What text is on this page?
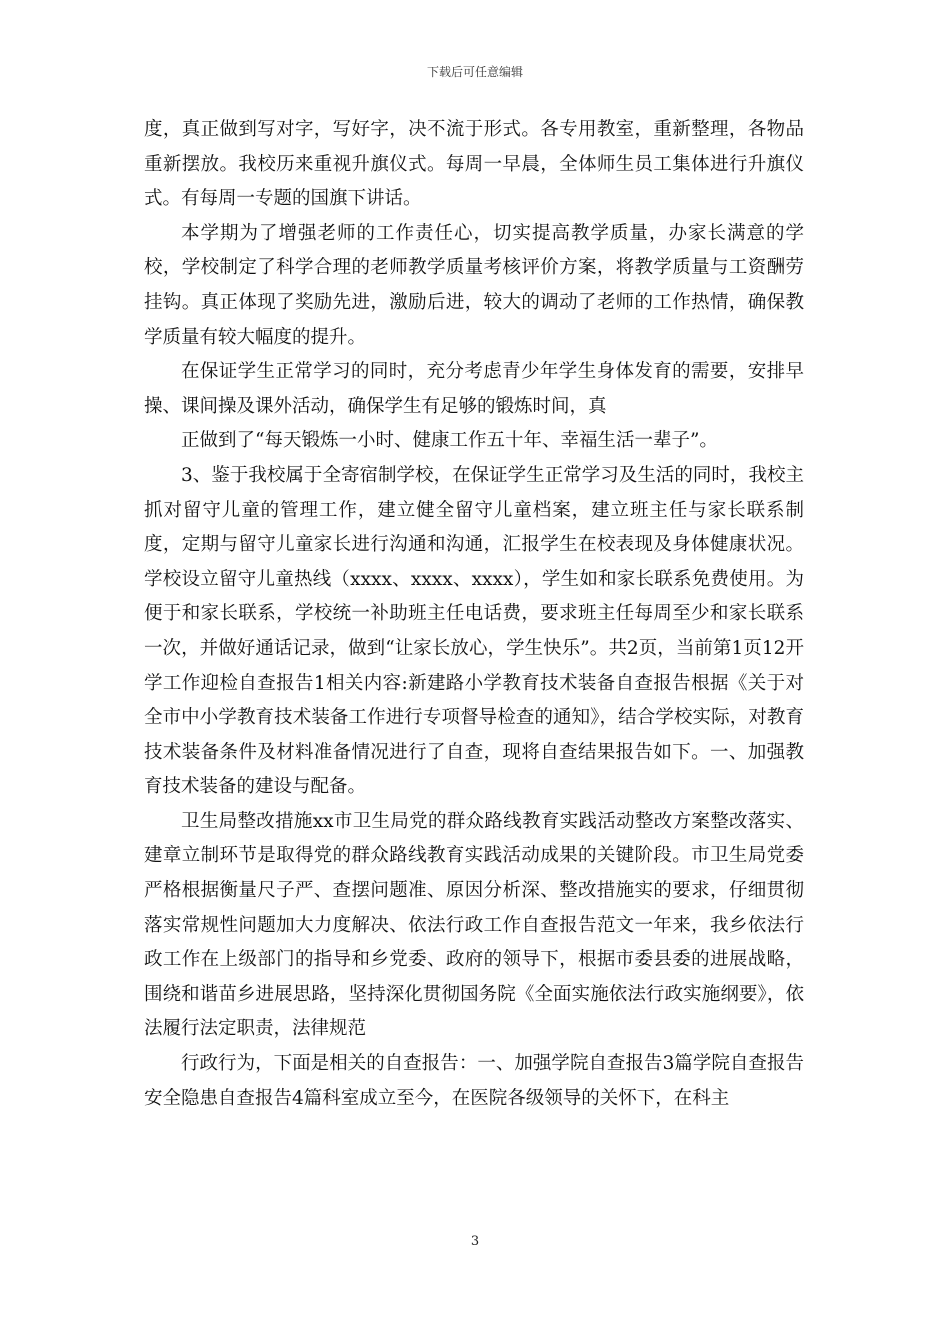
下载后可任意编辑

度，真正做到写对字，写好字，决不流于形式。各专用教室，重新整理，各物品重新摆放。我校历来重视升旗仪式。每周一早晨，全体师生员工集体进行升旗仪式。有每周一专题的国旗下讲话。

本学期为了增强老师的工作责任心，切实提高教学质量，办家长满意的学校，学校制定了科学合理的老师教学质量考核评价方案，将教学质量与工资酬劳挂钩。真正体现了奖励先进，激励后进，较大的调动了老师的工作热情，确保教学质量有较大幅度的提升。

在保证学生正常学习的同时，充分考虑青少年学生身体发育的需要，安排早操、课间操及课外活动，确保学生有足够的锻炼时间，真

正做到了“每天锻炼一小时、健康工作五十年、幸福生活一辈子”。

3、鉴于我校属于全寄宿制学校，在保证学生正常学习及生活的同时，我校主抓对留守儿童的管理工作，建立健全留守儿童档案，建立班主任与家长联系制度，定期与留守儿童家长进行沟通和沟通，汇报学生在校表现及身体健康状况。学校设立留守儿童热线（xxxx、xxxx、xxxx），学生如和家长联系免费使用。为便于和家长联系，学校统一补助班主任电话费，要求班主任每周至少和家长联系一次，并做好通话记录，做到“让家长放心，学生快乐”。共2页，当前第1页12开学工作迎检自查报告1相关内容:新建路小学教育技术装备自查报告根据《关于对全市中小学教育技术装备工作进行专项督导检查的通知》，结合学校实际，对教育技术装备条件及材料准备情况进行了自查，现将自查结果报告如下。一、加强教育技术装备的建设与配备。

卫生局整改措施xx市卫生局党的群众路线教育实践活动整改方案整改落实、建章立制环节是取得党的群众路线教育实践活动成果的关键阶段。市卫生局党委严格根据衡量尺子严、查摆问题准、原因分析深、整改措施实的要求，仔细贯彻落实常规性问题加大力度解决、依法行政工作自查报告范文一年来，我乡依法行政工作在上级部门的指导和乡党委、政府的领导下，根据市委县委的进展战略，围绕和谐苗乡进展思路，坚持深化贯彻国务院《全面实施依法行政实施纲要》，依法履行法定职责，法律规范

行政行为，下面是相关的自查报告：一、加强学院自查报告3篇学院自查报告安全隐患自查报告4篇科室成立至今，在医院各级领导的关怀下，在科主

3
